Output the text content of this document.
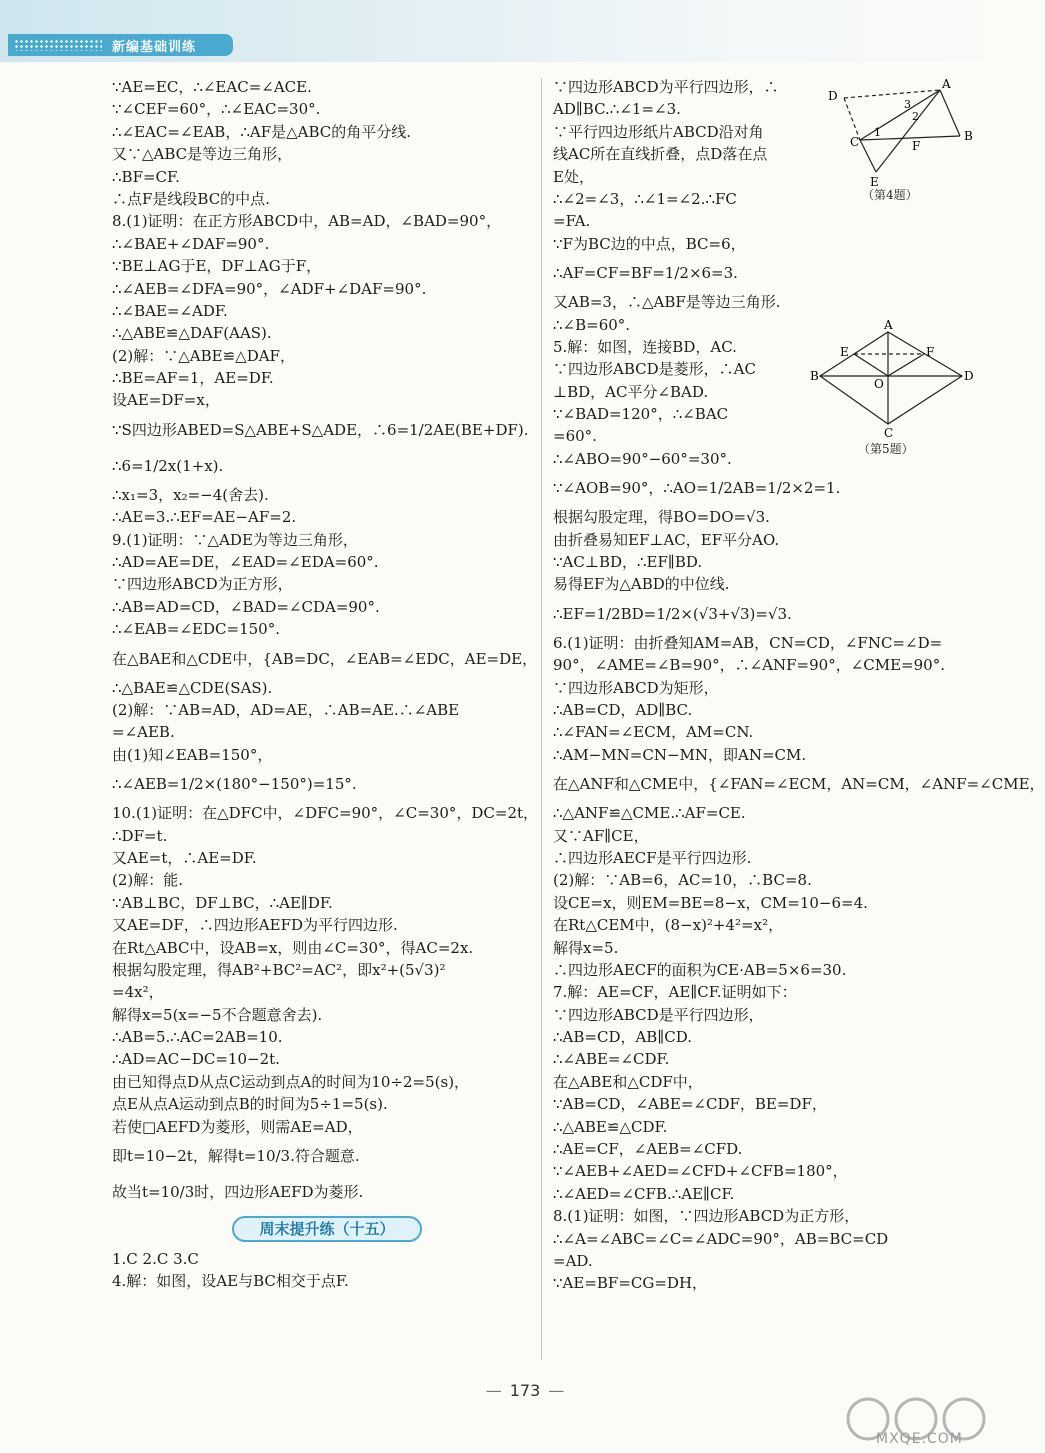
新编基础训练
∵AE=EC，∴∠EAC=∠ACE.
∵∠CEF=60°，∴∠EAC=30°.
∴∠EAC=∠EAB，∴AF是△ABC的角平分线.
又∵△ABC是等边三角形，
∴BF=CF.
∴点F是线段BC的中点.
8.(1)证明：在正方形ABCD中，AB=AD，∠BAD=90°，
∴∠BAE+∠DAF=90°.
∵BE⊥AG于E，DF⊥AG于F，
∴∠AEB=∠DFA=90°，∠ADF+∠DAF=90°.
∴∠BAE=∠ADF.
∴△ABE≌△DAF(AAS).
(2)解：∵△ABE≌△DAF，
∴BE=AF=1，AE=DF.
设AE=DF=x，
∵S四边形ABED=S△ABE+S△ADE，∴6=1/2AE(BE+DF).
∴6=1/2x(1+x).
∴x₁=3，x₂=−4(舍去).
∴AE=3.∴EF=AE−AF=2.
9.(1)证明：∵△ADE为等边三角形，
∴AD=AE=DE，∠EAD=∠EDA=60°.
∵四边形ABCD为正方形，
∴AB=AD=CD，∠BAD=∠CDA=90°.
∴∠EAB=∠EDC=150°.
在△BAE和△CDE中，{AB=DC，∠EAB=∠EDC，AE=DE，
∴△BAE≌△CDE(SAS).
(2)解：∵AB=AD，AD=AE，∴AB=AE.∴∠ABE
=∠AEB.
由(1)知∠EAB=150°，
∴∠AEB=1/2×(180°−150°)=15°.
10.(1)证明：在△DFC中，∠DFC=90°，∠C=30°，DC=2t，
∴DF=t.
又AE=t，∴AE=DF.
(2)解：能.
∵AB⊥BC，DF⊥BC，∴AE∥DF.
又AE=DF，∴四边形AEFD为平行四边形.
在Rt△ABC中，设AB=x，则由∠C=30°，得AC=2x.
根据勾股定理，得AB²+BC²=AC²，即x²+(5√3)²
=4x²，
解得x=5(x=−5不合题意舍去).
∴AB=5.∴AC=2AB=10.
∴AD=AC−DC=10−2t.
由已知得点D从点C运动到点A的时间为10÷2=5(s)，
点E从点A运动到点B的时间为5÷1=5(s).
若使□AEFD为菱形，则需AE=AD，
即t=10−2t，解得t=10/3.符合题意.
故当t=10/3时，四边形AEFD为菱形.
周末提升练（十五）
1.C 2.C 3.C
4.解：如图，设AE与BC相交于点F.
∵四边形ABCD为平行四边形，∴
AD∥BC.∴∠1=∠3.
∵平行四边形纸片ABCD沿对角
线AC所在直线折叠，点D落在点
E处，
∴∠2=∠3，∴∠1=∠2.∴FC
=FA.
∵F为BC边的中点，BC=6，
∴AF=CF=BF=1/2×6=3.
又AB=3，∴△ABF是等边三角形.
∴∠B=60°.
5.解：如图，连接BD，AC.
∵四边形ABCD是菱形，∴AC
⊥BD，AC平分∠BAD.
∵∠BAD=120°，∴∠BAC
=60°.
∴∠ABO=90°−60°=30°.
∵∠AOB=90°，∴AO=1/2AB=1/2×2=1.
根据勾股定理，得BO=DO=√3.
由折叠易知EF⊥AC，EF平分AO.
∵AC⊥BD，∴EF∥BD.
易得EF为△ABD的中位线.
∴EF=1/2BD=1/2×(√3+√3)=√3.
6.(1)证明：由折叠知AM=AB，CN=CD，∠FNC=∠D=
90°，∠AME=∠B=90°，∴∠ANF=90°，∠CME=90°.
∵四边形ABCD为矩形，
∴AB=CD，AD∥BC.
∴∠FAN=∠ECM，AM=CN.
∴AM−MN=CN−MN，即AN=CM.
在△ANF和△CME中，{∠FAN=∠ECM，AN=CM，∠ANF=∠CME，
∴△ANF≌△CME.∴AF=CE.
又∵AF∥CE，
∴四边形AECF是平行四边形.
(2)解：∵AB=6，AC=10，∴BC=8.
设CE=x，则EM=BE=8−x，CM=10−6=4.
在Rt△CEM中，(8−x)²+4²=x²，
解得x=5.
∴四边形AECF的面积为CE·AB=5×6=30.
7.解：AE=CF，AE∥CF.证明如下：
∵四边形ABCD是平行四边形，
∴AB=CD，AB∥CD.
∴∠ABE=∠CDF.
在△ABE和△CDF中，
∵AB=CD，∠ABE=∠CDF，BE=DF，
∴△ABE≌△CDF.
∴AE=CF，∠AEB=∠CFD.
∵∠AEB+∠AED=∠CFD+∠CFB=180°，
∴∠AED=∠CFB.∴AE∥CF.
8.(1)证明：如图，∵四边形ABCD为正方形，
∴∠A=∠ABC=∠C=∠ADC=90°，AB=BC=CD
=AD.
∵AE=BF=CG=DH，
D
A
3
2
1
C	F
B
E
（第4题）
A
E	F
B
O
D
C
（第5题）
— 173 —
MXQE.COM
